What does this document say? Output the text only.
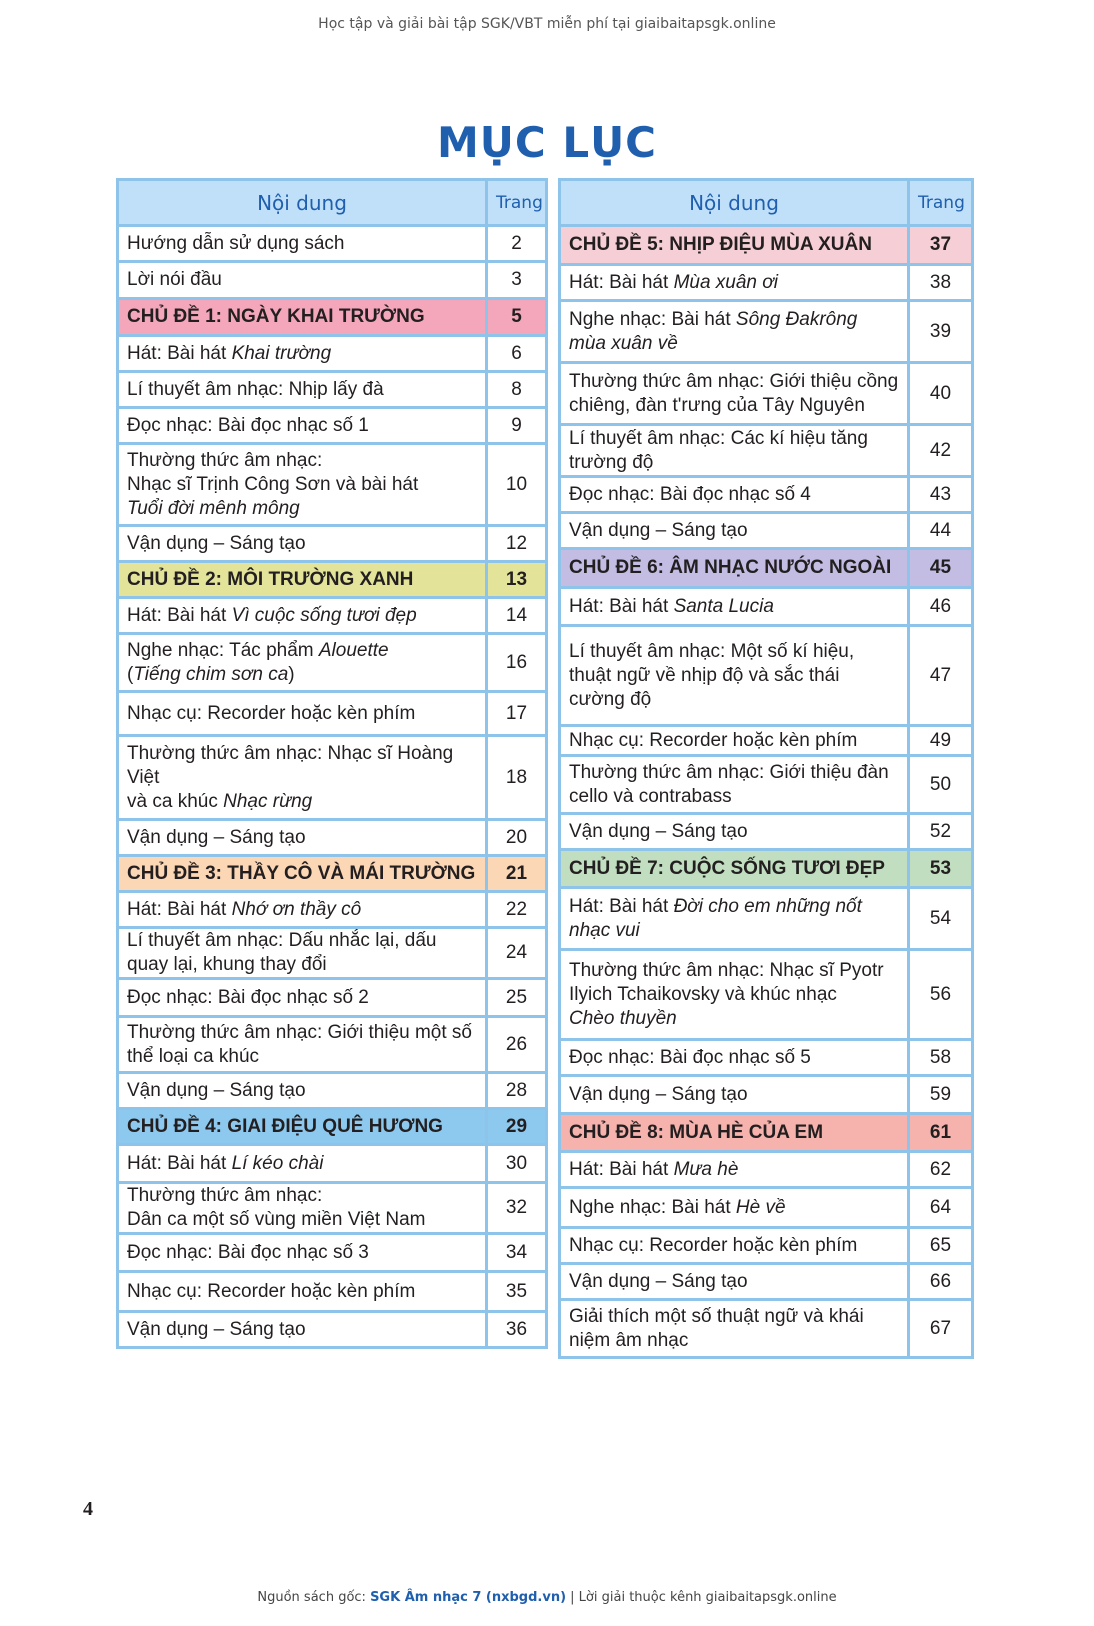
Học tập và giải bài tập SGK/VBT miễn phí tại giaibaitapsgk.online
MỤC LỤC
Nội dung	Trang
Hướng dẫn sử dụng sách	2
Lời nói đầu	3
CHỦ ĐỀ 1: NGÀY KHAI TRƯỜNG	5
Hát: Bài hát Khai trường	6
Lí thuyết âm nhạc: Nhịp lấy đà	8
Đọc nhạc: Bài đọc nhạc số 1	9
Thường thức âm nhạc:
Nhạc sĩ Trịnh Công Sơn và bài hát
Tuổi đời mênh mông	10
Vận dụng – Sáng tạo	12
CHỦ ĐỀ 2: MÔI TRƯỜNG XANH	13
Hát: Bài hát Vì cuộc sống tươi đẹp	14
Nghe nhạc: Tác phẩm Alouette
(Tiếng chim sơn ca)	16
Nhạc cụ: Recorder hoặc kèn phím	17
Thường thức âm nhạc: Nhạc sĩ Hoàng Việt
và ca khúc Nhạc rừng	18
Vận dụng – Sáng tạo	20
CHỦ ĐỀ 3: THẦY CÔ VÀ MÁI TRƯỜNG	21
Hát: Bài hát Nhớ ơn thầy cô	22
Lí thuyết âm nhạc: Dấu nhắc lại, dấu
quay lại, khung thay đổi	24
Đọc nhạc: Bài đọc nhạc số 2	25
Thường thức âm nhạc: Giới thiệu một số
thể loại ca khúc	26
Vận dụng – Sáng tạo	28
CHỦ ĐỀ 4: GIAI ĐIỆU QUÊ HƯƠNG	29
Hát: Bài hát Lí kéo chài	30
Thường thức âm nhạc:
Dân ca một số vùng miền Việt Nam	32
Đọc nhạc: Bài đọc nhạc số 3	34
Nhạc cụ: Recorder hoặc kèn phím	35
Vận dụng – Sáng tạo	36
Nội dung	Trang
CHỦ ĐỀ 5: NHỊP ĐIỆU MÙA XUÂN	37
Hát: Bài hát Mùa xuân ơi	38
Nghe nhạc: Bài hát Sông Đakrông
mùa xuân về	39
Thường thức âm nhạc: Giới thiệu cồng
chiêng, đàn t'rưng của Tây Nguyên	40
Lí thuyết âm nhạc: Các kí hiệu tăng
trường độ	42
Đọc nhạc: Bài đọc nhạc số 4	43
Vận dụng – Sáng tạo	44
CHỦ ĐỀ 6: ÂM NHẠC NƯỚC NGOÀI	45
Hát: Bài hát Santa Lucia	46
Lí thuyết âm nhạc: Một số kí hiệu,
thuật ngữ về nhịp độ và sắc thái
cường độ	47
Nhạc cụ: Recorder hoặc kèn phím	49
Thường thức âm nhạc: Giới thiệu đàn
cello và contrabass	50
Vận dụng – Sáng tạo	52
CHỦ ĐỀ 7: CUỘC SỐNG TƯƠI ĐẸP	53
Hát: Bài hát Đời cho em những nốt
nhạc vui	54
Thường thức âm nhạc: Nhạc sĩ Pyotr
Ilyich Tchaikovsky và khúc nhạc
Chèo thuyền	56
Đọc nhạc: Bài đọc nhạc số 5	58
Vận dụng – Sáng tạo	59
CHỦ ĐỀ 8: MÙA HÈ CỦA EM	61
Hát: Bài hát Mưa hè	62
Nghe nhạc: Bài hát Hè về	64
Nhạc cụ: Recorder hoặc kèn phím	65
Vận dụng – Sáng tạo	66
Giải thích một số thuật ngữ và khái
niệm âm nhạc	67
4
Nguồn sách gốc: SGK Âm nhạc 7 (nxbgd.vn) | Lời giải thuộc kênh giaibaitapsgk.online
